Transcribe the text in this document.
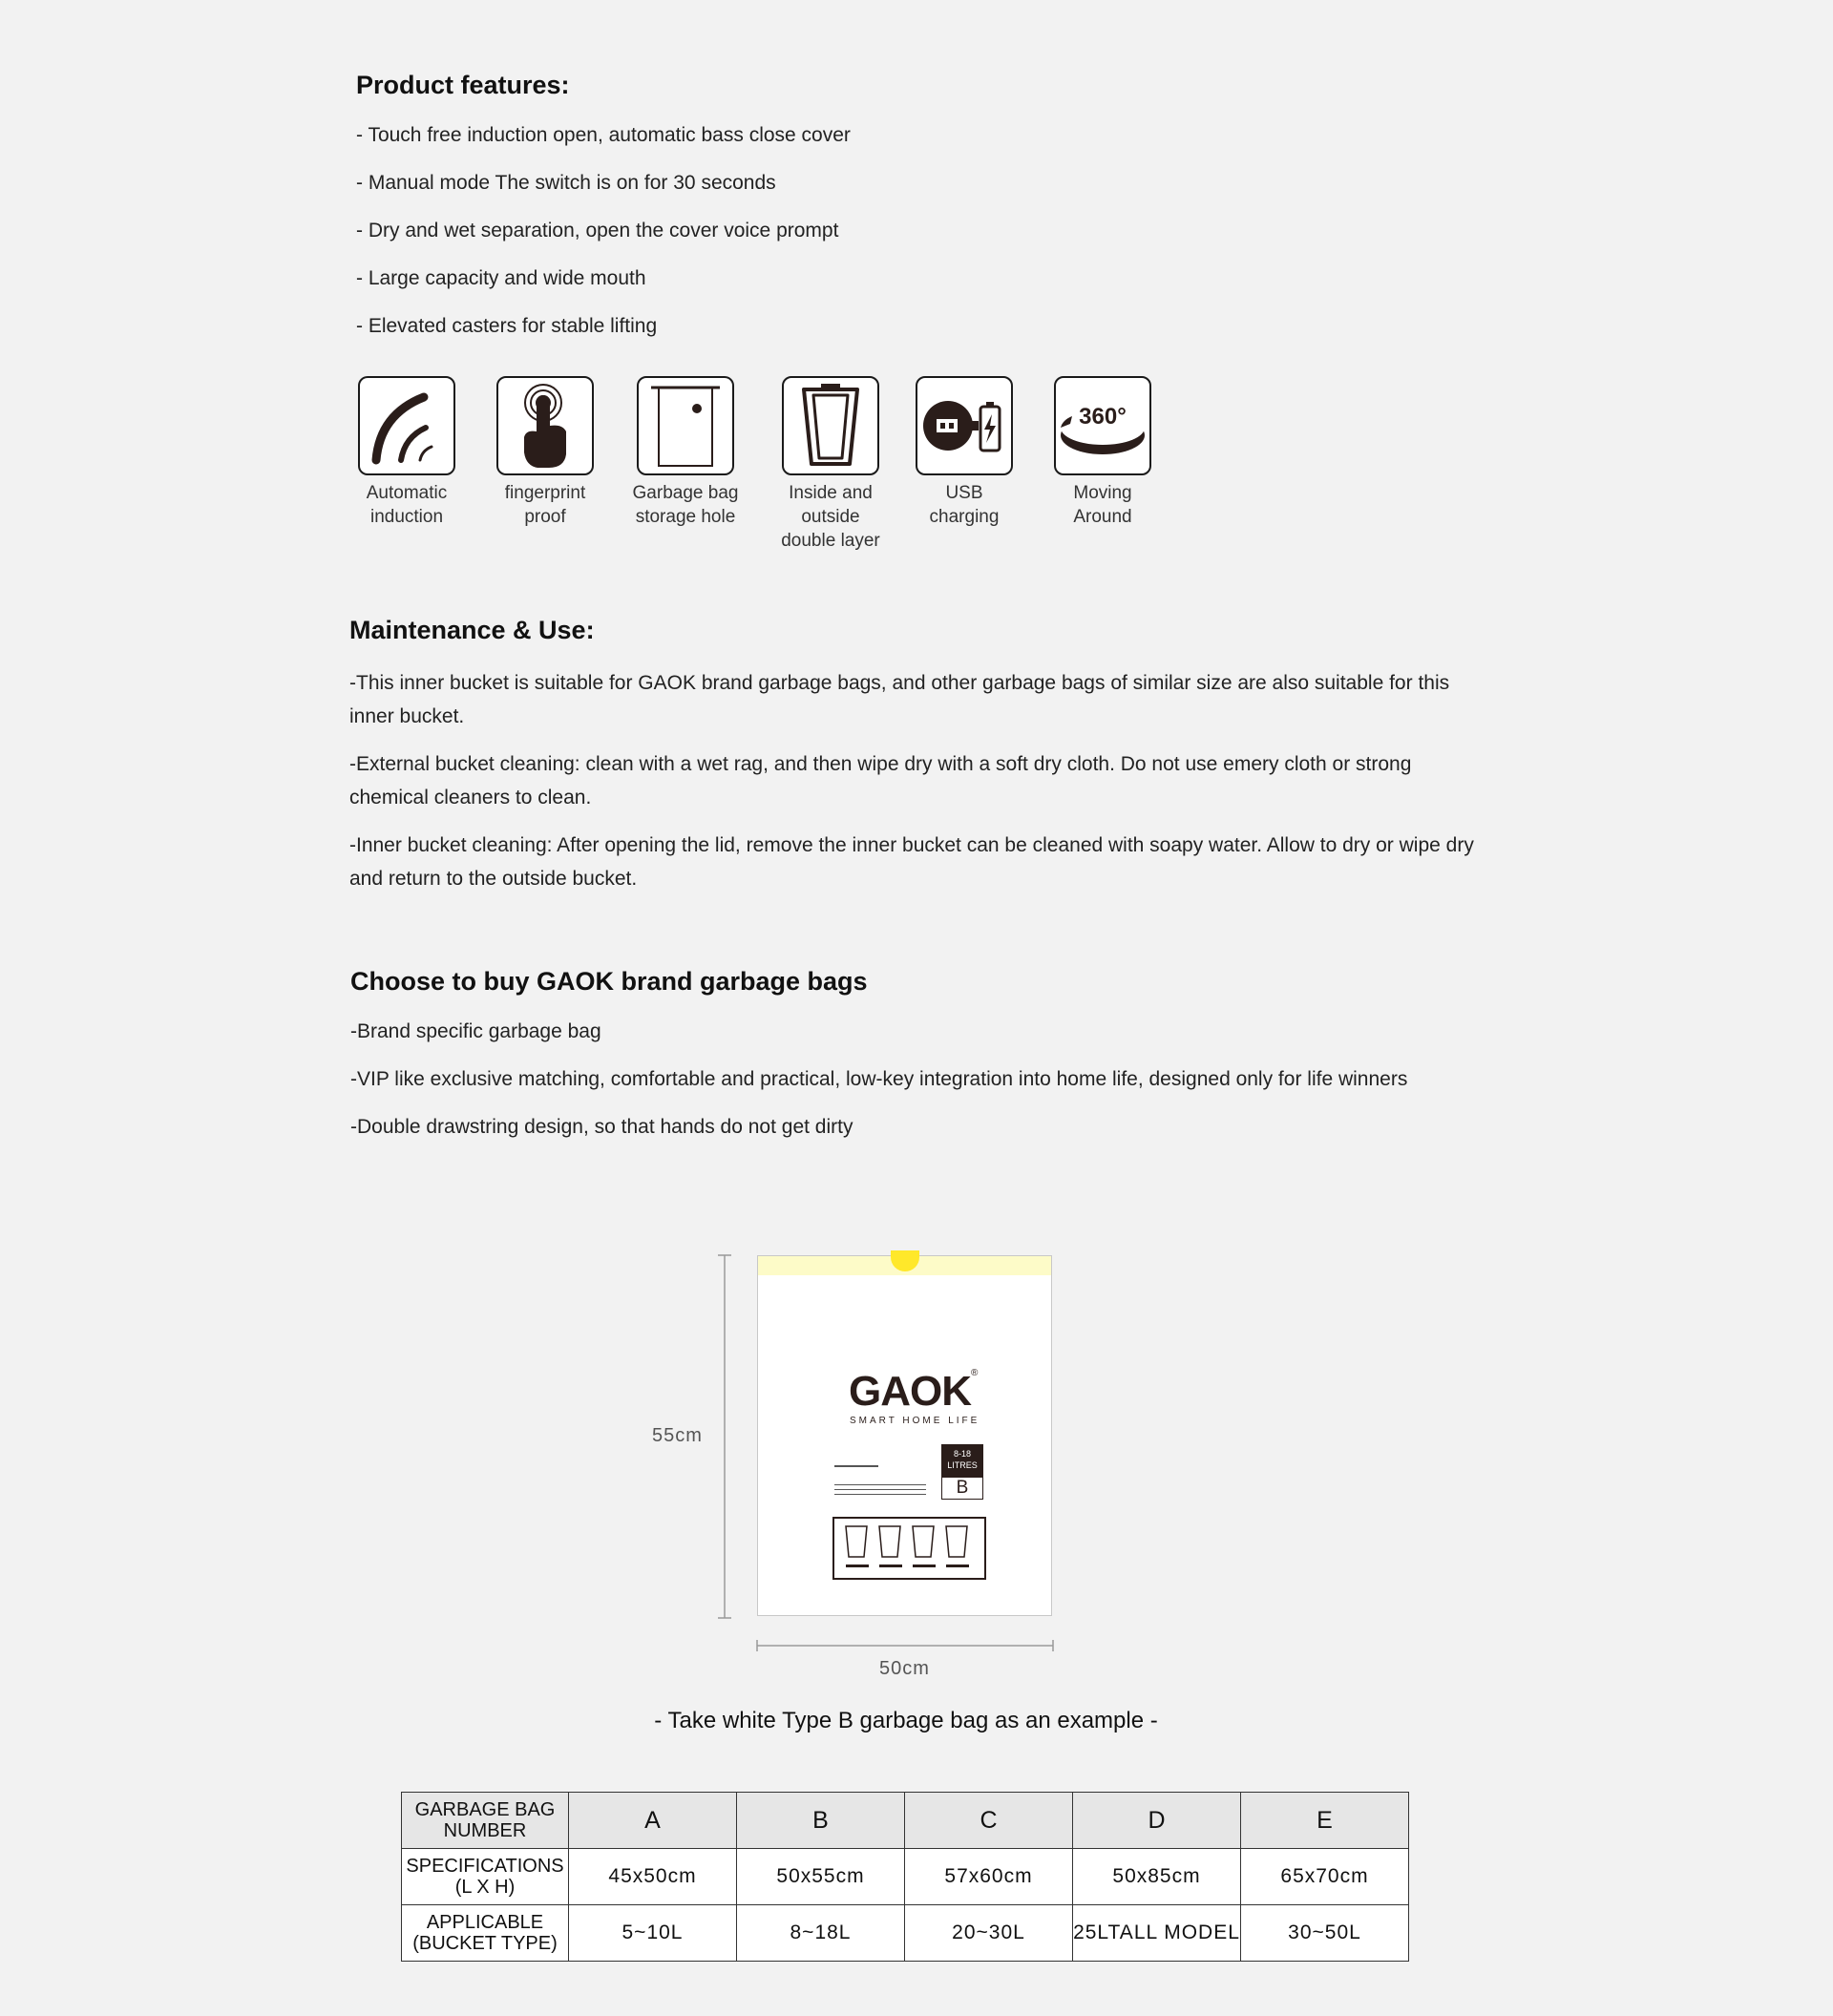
Product features:
- Touch free induction open, automatic bass close cover
- Manual mode The switch is on for 30 seconds
- Dry and wet separation, open the cover voice prompt
- Large capacity and wide mouth
- Elevated casters for stable lifting
Automatic
induction
fingerprint
proof
Garbage bag
storage hole
Inside and outside
double layer
USB
charging
360°
Moving
Around
Maintenance & Use:
-This inner bucket is suitable for GAOK brand garbage bags, and other garbage bags of similar size are also suitable for this inner bucket.
-External bucket cleaning: clean with a wet rag, and then wipe dry with a soft dry cloth. Do not use emery cloth or strong chemical cleaners to clean.
-Inner bucket cleaning: After opening the lid, remove the inner bucket can be cleaned with soapy water. Allow to dry or wipe dry and return to the outside bucket.
Choose to buy GAOK brand garbage bags
-Brand specific garbage bag
-VIP like exclusive matching, comfortable and practical, low-key integration into home life, designed only for life winners
-Double drawstring design, so that hands do not get dirty
55cm
GAOK®
SMART HOME LIFE
8-18
LITRES
B
50cm
- Take white Type B garbage bag as an example -
GARBAGE BAG
NUMBER	A	B	C	D	E
SPECIFICATIONS
(L X H)	45x50cm	50x55cm	57x60cm	50x85cm	65x70cm
APPLICABLE
(BUCKET TYPE)	5~10L	8~18L	20~30L	25LTALL MODEL	30~50L
